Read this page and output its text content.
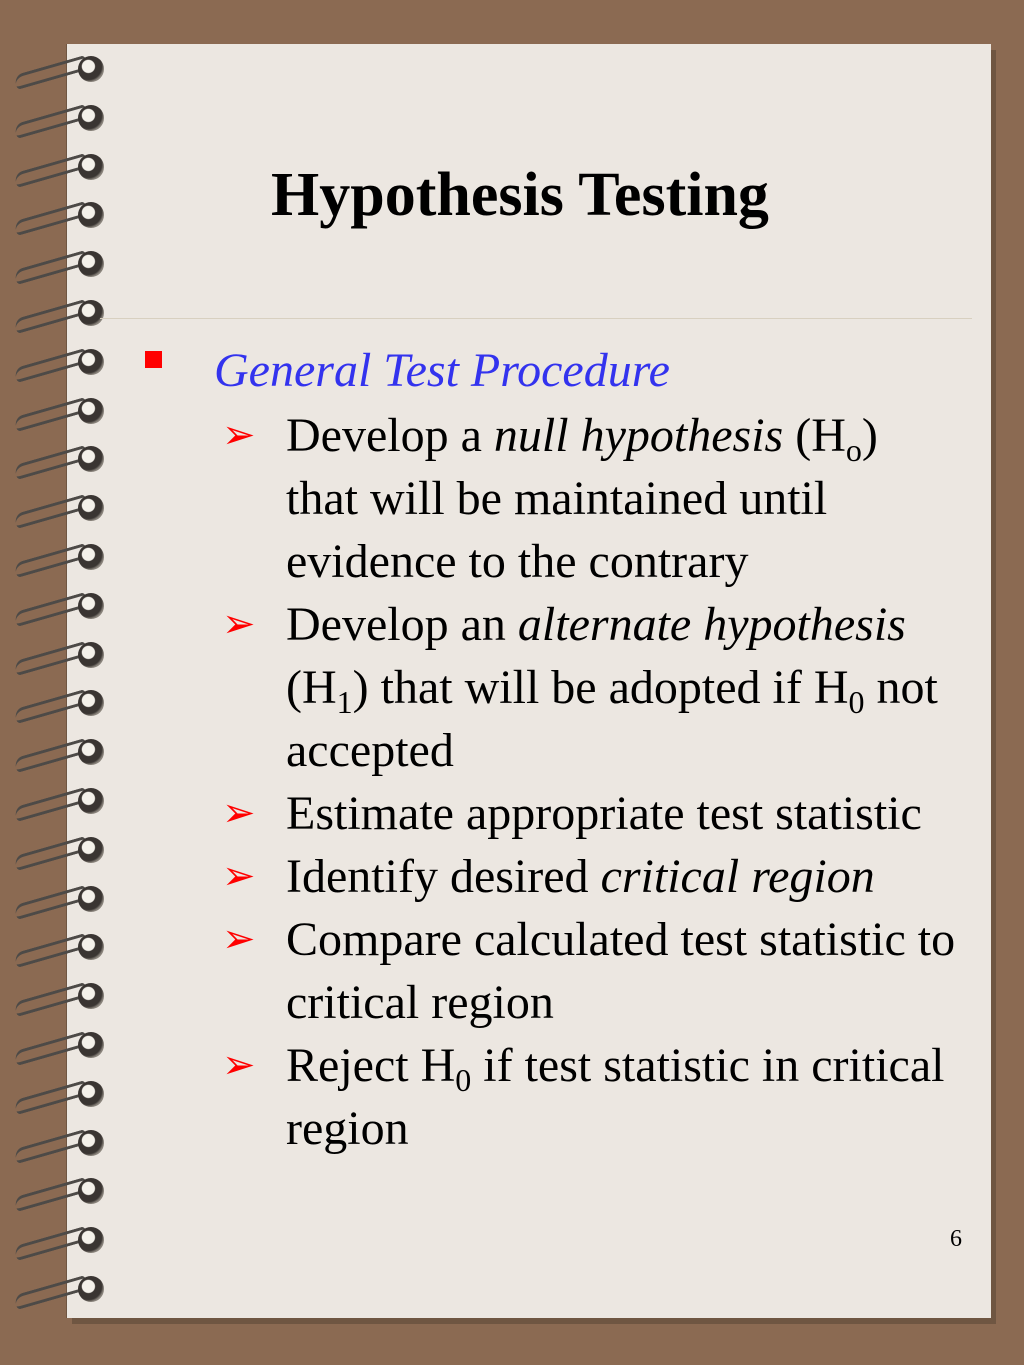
Hypothesis Testing
General Test Procedure
➢ Develop a null hypothesis $(H_o)$ that will be maintained until evidence to the contrary
➢ Develop an alternate hypothesis $(H_1)$ that will be adopted if $H_0$ not accepted
➢ Estimate appropriate test statistic
➢ Identify desired critical region
➢ Compare calculated test statistic to critical region
➢ Reject $H_0$ if test statistic in critical region
6
